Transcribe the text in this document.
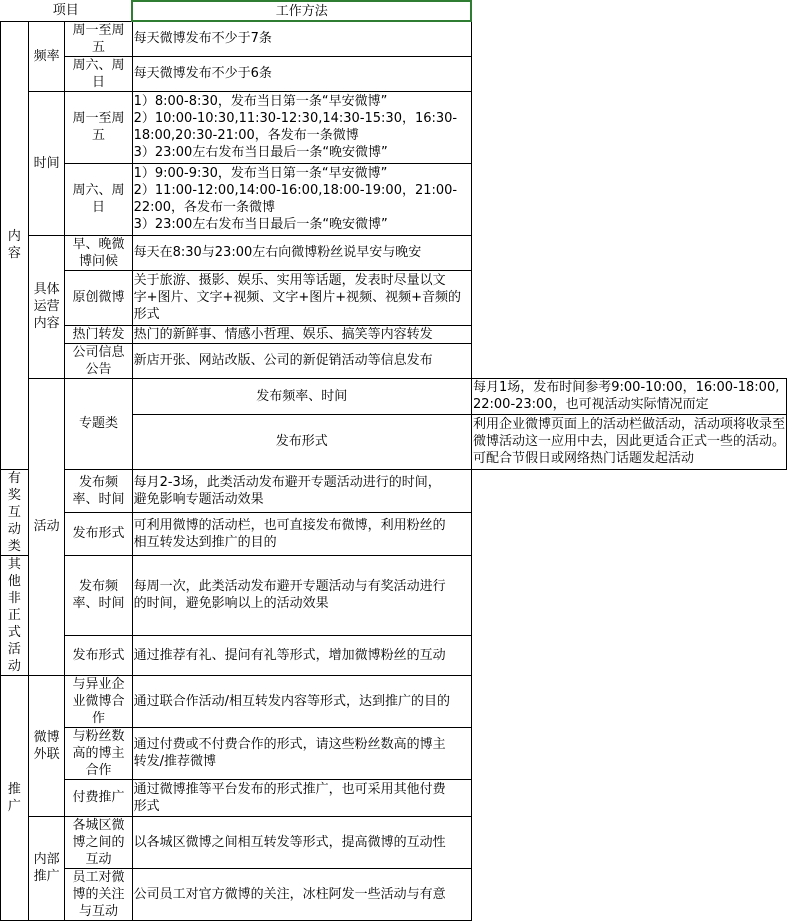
项目			工作方法	
内容	频率	周一至周五	每天微博发布不少于7条	
		周六、周日	每天微博发布不少于6条	
	时间	周一至周五	1）8:00-8:30，发布当日第一条“早安微博”
2）10:00-10:30,11:30-12:30,14:30-15:30，16:30-
18:00,20:30-21:00，各发布一条微博
3）23:00左右发布当日最后一条“晚安微博”	

		周六、周日	1）9:00-9:30，发布当日第一条“早安微博”
2）11:00-12:00,14:00-16:00,18:00-19:00，21:00-
22:00，各发布一条微博
3）23:00左右发布当日最后一条“晚安微博”	

	具体运营内容	早、晚微博问候	每天在8:30与23:00左右向微博粉丝说早安与晚安	
		原创微博	关于旅游、摄影、娱乐、实用等话题，发表时尽量以文
字+图片、文字+视频、文字+图片+视频、视频+音频的
形式	

		热门转发	热门的新鲜事、情感小哲理、娱乐、搞笑等内容转发	
		公司信息公告	新店开张、网站改版、公司的新促销活动等信息发布	
	活动	专题类	发布频率、时间	每月1场，发布时间参考9:00-10:00，16:00-18:00,
22:00-23:00，也可视活动实际情况而定

			发布形式	利用企业微博页面上的活动栏做活动，活动项将收录至
微博活动这一应用中去，因此更适合正式一些的活动。
可配合节假日或网络热门话题发起活动

有奖互动类		发布频率、时间	每月2-3场，此类活动发布避开专题活动进行的时间，
避免影响专题活动效果	

		发布形式	可利用微博的活动栏，也可直接发布微博，利用粉丝的
相互转发达到推广的目的	

其他非正式活动		发布频率、时间	每周一次，此类活动发布避开专题活动与有奖活动进行
的时间，避免影响以上的活动效果	

		发布形式	通过推荐有礼、提问有礼等形式，增加微博粉丝的互动	
推广	微博外联	与异业企业微博合作	通过联合作活动/相互转发内容等形式，达到推广的目的	
		与粉丝数高的博主合作	通过付费或不付费合作的形式，请这些粉丝数高的博主
转发/推荐微博	

		付费推广	通过微博推等平台发布的形式推广，也可采用其他付费
形式	

	内部推广	各城区微博之间的互动	以各城区微博之间相互转发等形式，提高微博的互动性	
		员工对微博的关注与互动	公司员工对官方微博的关注，冰柱阿发一些活动与有意	
